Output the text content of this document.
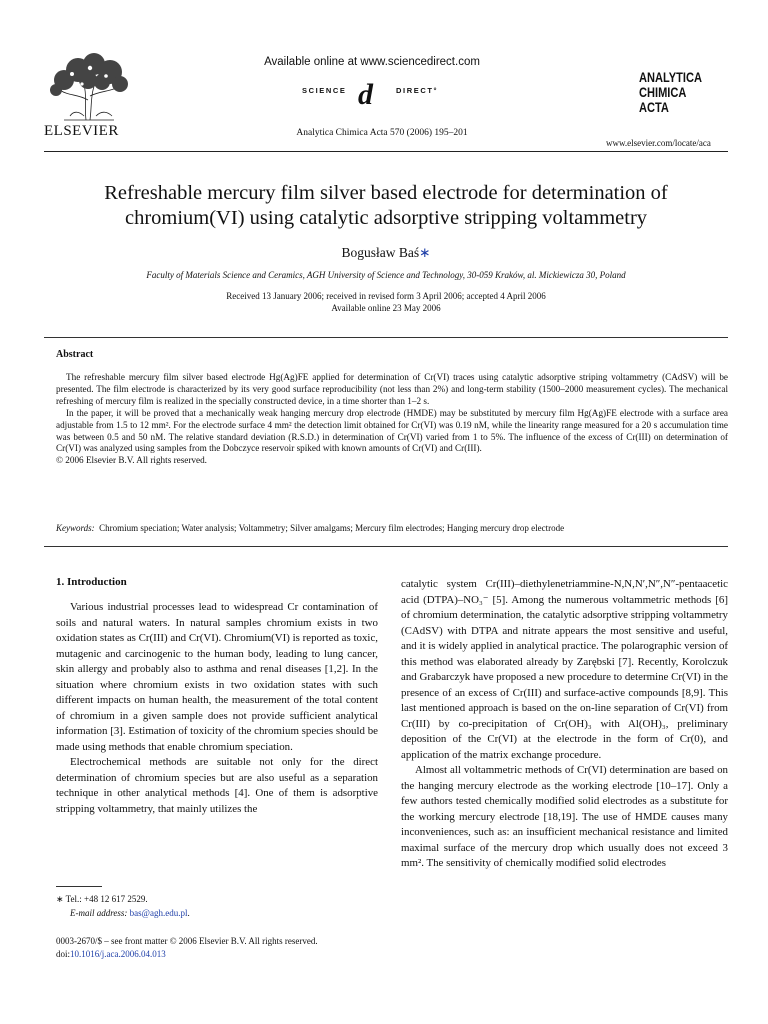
ELSEVIER
Available online at www.sciencedirect.com
SCIENCE d	DIRECT°
Analytica Chimica Acta 570 (2006) 195–201
ANALYTICA
CHIMICA
ACTA
www.elsevier.com/locate/aca
Refreshable mercury film silver based electrode for determination of chromium(VI) using catalytic adsorptive stripping voltammetry
Bogusław Baś∗
Faculty of Materials Science and Ceramics, AGH University of Science and Technology, 30-059 Kraków, al. Mickiewicza 30, Poland
Received 13 January 2006; received in revised form 3 April 2006; accepted 4 April 2006
Available online 23 May 2006
Abstract

The refreshable mercury film silver based electrode Hg(Ag)FE applied for determination of Cr(VI) traces using catalytic adsorptive striping voltammetry (CAdSV) will be presented. The film electrode is characterized by its very good surface reproducibility (not less than 2%) and long-term stability (1500–2000 measurement cycles). The mechanical refreshing of mercury film is realized in the specially constructed device, in a time shorter than 1–2 s.

In the paper, it will be proved that a mechanically weak hanging mercury drop electrode (HMDE) may be substituted by mercury film Hg(Ag)FE electrode with a surface area adjustable from 1.5 to 12 mm². For the electrode surface 4 mm² the detection limit obtained for Cr(VI) was 0.19 nM, while the linearity range measured for a 20 s accumulation time was between 0.5 and 50 nM. The relative standard deviation (R.S.D.) in determination of Cr(VI) varied from 1 to 5%. The influence of the excess of Cr(III) on determination of Cr(VI) was analyzed using samples from the Dobczyce reservoir spiked with known amounts of Cr(VI) and Cr(III).

© 2006 Elsevier B.V. All rights reserved.

Keywords: Chromium speciation; Water analysis; Voltammetry; Silver amalgams; Mercury film electrodes; Hanging mercury drop electrode
1. Introduction

Various industrial processes lead to widespread Cr contamination of soils and natural waters. In natural samples chromium exists in two oxidation states as Cr(III) and Cr(VI). Chromium(VI) is reported as toxic, mutagenic and carcinogenic to the human body, leading to lung cancer, skin allergy and probably also to asthma and renal diseases [1,2]. In the situation where chromium exists in two oxidation states with such different impacts on human health, the measurement of the total content of chromium in a given sample does not provide sufficient analytical information [3]. Estimation of toxicity of the chromium species should be made using methods that enable chromium speciation.

Electrochemical methods are suitable not only for the direct determination of chromium species but are also useful as a separation technique in other analytical methods [4]. One of them is adsorptive stripping voltammetry, that mainly utilizes the

catalytic system Cr(III)–diethylenetriammine-N,N,N′,N″,N″-pentaacetic acid (DTPA)–NO₃⁻ [5]. Among the numerous voltammetric methods [6] of chromium determination, the catalytic adsorptive stripping voltammetry (CAdSV) with DTPA and nitrate appears the most sensitive and useful, and it is widely applied in analytical practice. The polarographic version of this method was elaborated already by Zarębski [7]. Recently, Korolczuk and Grabarczyk have proposed a new procedure to determine Cr(VI) in the presence of an excess of Cr(III) and surface-active compounds [8,9]. This last mentioned approach is based on the on-line separation of Cr(VI) from Cr(III) by co-precipitation of Cr(OH)₃ with Al(OH)₃, preliminary deposition of the Cr(VI) at the electrode in the form of Cr(0), and application of the matrix exchange procedure.

Almost all voltammetric methods of Cr(VI) determination are based on the hanging mercury electrode as the working electrode [10–17]. Only a few authors tested chemically modified solid electrodes as a substitute for the working mercury electrode [18,19]. The use of HMDE causes many inconveniences, such as: an insufficient mechanical resistance and limited maximal surface of the mercury drop which usually does not exceed 3 mm². The sensitivity of chemically modified solid electrodes

∗ Tel.: +48 12 617 2529.
E-mail address: bas@agh.edu.pl.
0003-2670/$ – see front matter © 2006 Elsevier B.V. All rights reserved.
doi:10.1016/j.aca.2006.04.013
